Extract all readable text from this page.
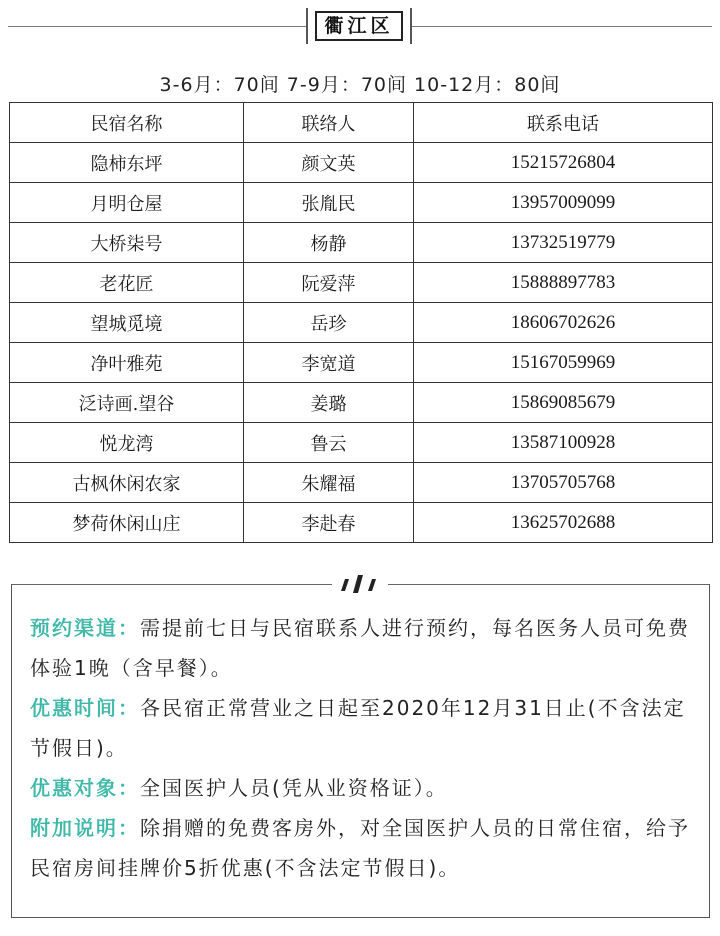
衢江区
3-6月：70间 7-9月：70间 10-12月：80间
民宿名称	联络人	联系电话
隐柿东坪	颜文英	15215726804
月明仓屋	张胤民	13957009099
大桥柒号	杨静	13732519779
老花匠	阮爱萍	15888897783
望城觅境	岳珍	18606702626
净叶雅苑	李宽道	15167059969
泛诗画.望谷	姜璐	15869085679
悦龙湾	鲁云	13587100928
古枫休闲农家	朱耀福	13705705768
梦荷休闲山庄	李赴春	13625702688

预约渠道：需提前七日与民宿联系人进行预约，每名医务人员可免费体验1晚（含早餐）。

优惠时间：各民宿正常营业之日起至2020年12月31日止(不含法定节假日)。

优惠对象：全国医护人员(凭从业资格证）。

附加说明：除捐赠的免费客房外，对全国医护人员的日常住宿，给予民宿房间挂牌价5折优惠(不含法定节假日)。
